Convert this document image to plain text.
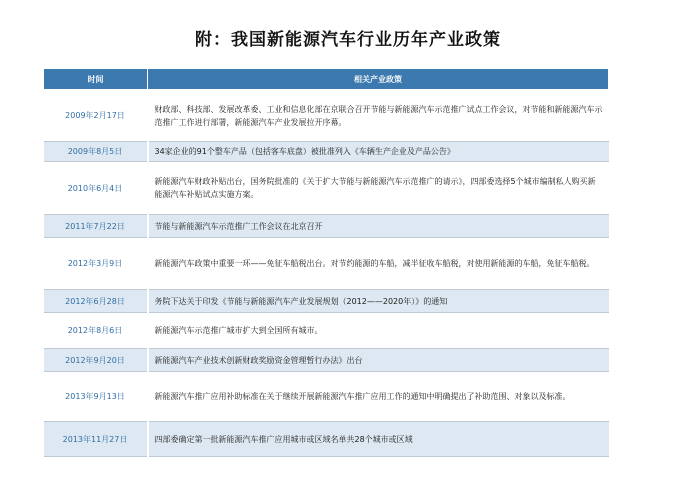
附：我国新能源汽车行业历年产业政策
时间	相关产业政策
2009年2月17日	财政部、科技部、发展改革委、工业和信息化部在京联合召开节能与新能源汽车示范推广试点工作会议，对节能和新能源汽车示范推广工作进行部署，新能源汽车产业发展拉开序幕。
2009年8月5日	34家企业的91个整车产品（包括客车底盘）被批准列入《车辆生产企业及产品公告》
2010年6月4日	新能源汽车财政补贴出台，国务院批准的《关于扩大节能与新能源汽车示范推广的请示》，四部委选择5个城市编制私人购买新能源汽车补贴试点实施方案。
2011年7月22日	节能与新能源汽车示范推广工作会议在北京召开
2012年3月9日	新能源汽车政策中重要一环——免征车船税出台。对节约能源的车船，减半征收车船税，对使用新能源的车船，免征车船税。
2012年6月28日	务院下达关于印发《节能与新能源汽车产业发展规划（2012——2020年）》的通知
2012年8月6日	新能源汽车示范推广城市扩大到全国所有城市。
2012年9月20日	新能源汽车产业技术创新财政奖励资金管理暂行办法》出台
2013年9月13日	新能源汽车推广应用补助标准在关于继续开展新能源汽车推广应用工作的通知中明确提出了补助范围、对象以及标准。
2013年11月27日	四部委确定第一批新能源汽车推广应用城市或区域名单共28个城市或区域
